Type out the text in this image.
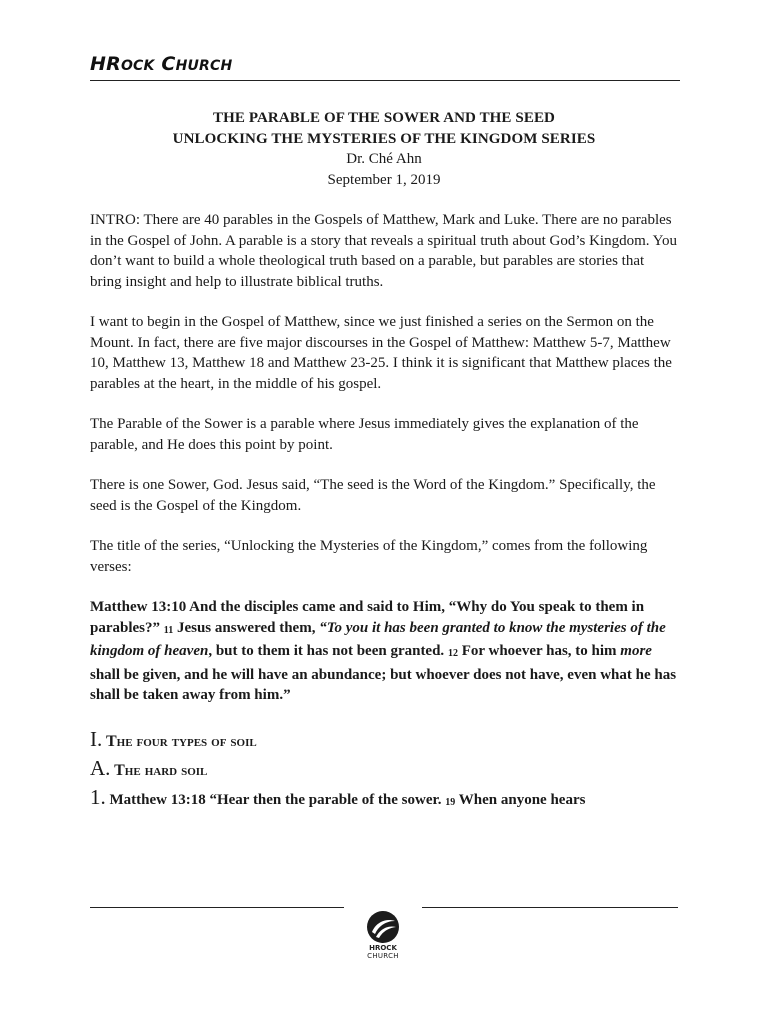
HROCK CHURCH
THE PARABLE OF THE SOWER AND THE SEED
UNLOCKING THE MYSTERIES OF THE KINGDOM SERIES
Dr. Ché Ahn
September 1, 2019

INTRO: There are 40 parables in the Gospels of Matthew, Mark and Luke. There are no parables in the Gospel of John. A parable is a story that reveals a spiritual truth about God’s Kingdom. You don’t want to build a whole theological truth based on a parable, but parables are stories that bring insight and help to illustrate biblical truths.

I want to begin in the Gospel of Matthew, since we just finished a series on the Sermon on the Mount. In fact, there are five major discourses in the Gospel of Matthew: Matthew 5-7, Matthew 10, Matthew 13, Matthew 18 and Matthew 23-25. I think it is significant that Matthew places the parables at the heart, in the middle of his gospel.

The Parable of the Sower is a parable where Jesus immediately gives the explanation of the parable, and He does this point by point.

There is one Sower, God. Jesus said, “The seed is the Word of the Kingdom.” Specifically, the seed is the Gospel of the Kingdom.

The title of the series, “Unlocking the Mysteries of the Kingdom,” comes from the following verses:

Matthew 13:10 And the disciples came and said to Him, “Why do You speak to them in parables?” 11 Jesus answered them, “To you it has been granted to know the mysteries of the kingdom of heaven, but to them it has not been granted. 12 For whoever has, to him more shall be given, and he will have an abundance; but whoever does not have, even what he has shall be taken away from him.”
I. The four types of soil
A. The hard soil
1. Matthew 13:18 “Hear then the parable of the sower. 19 When anyone hears
HROCK
CHURCH
